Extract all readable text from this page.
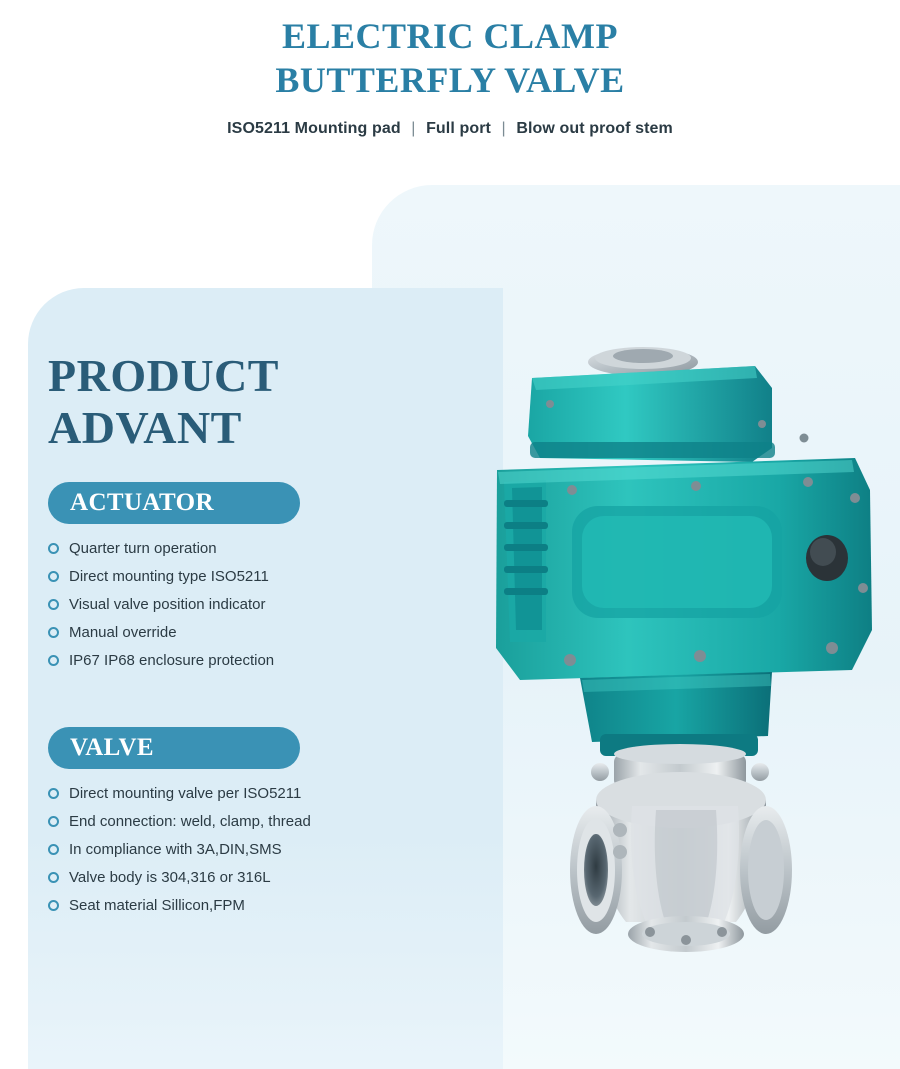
ELECTRIC CLAMP
BUTTERFLY VALVE
ISO5211 Mounting pad | Full port | Blow out proof stem
PRODUCT
ADVANT
ACTUATOR
Quarter turn operation
Direct mounting type ISO5211
Visual valve position indicator
Manual override
IP67 IP68 enclosure protection
VALVE
Direct mounting valve per ISO5211
End connection: weld, clamp, thread
In compliance with 3A,DIN,SMS
Valve body is 304,316 or 316L
Seat material Sillicon,FPM
